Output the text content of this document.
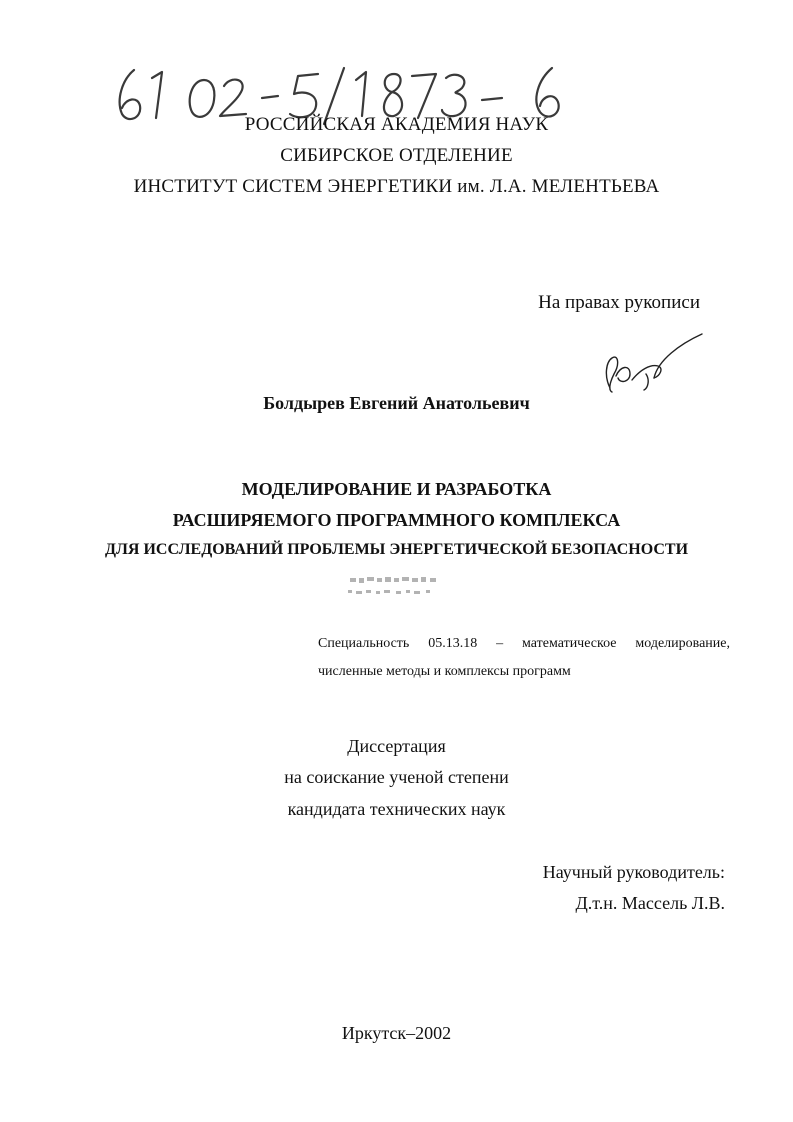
РОССИЙСКАЯ АКАДЕМИЯ НАУК
СИБИРСКОЕ ОТДЕЛЕНИЕ
ИНСТИТУТ СИСТЕМ ЭНЕРГЕТИКИ им. Л.А. МЕЛЕНТЬЕВА
На правах рукописи
Болдырев Евгений Анатольевич
МОДЕЛИРОВАНИЕ И РАЗРАБОТКА
РАСШИРЯЕМОГО ПРОГРАММНОГО КОМПЛЕКСА
ДЛЯ ИССЛЕДОВАНИЙ ПРОБЛЕМЫ ЭНЕРГЕТИЧЕСКОЙ БЕЗОПАСНОСТИ
Специальность 05.13.18 – математическое моделирование,
численные методы и комплексы программ
Диссертация
на соискание ученой степени
кандидата технических наук
Научный руководитель:
Д.т.н. Массель Л.В.
Иркутск–2002
